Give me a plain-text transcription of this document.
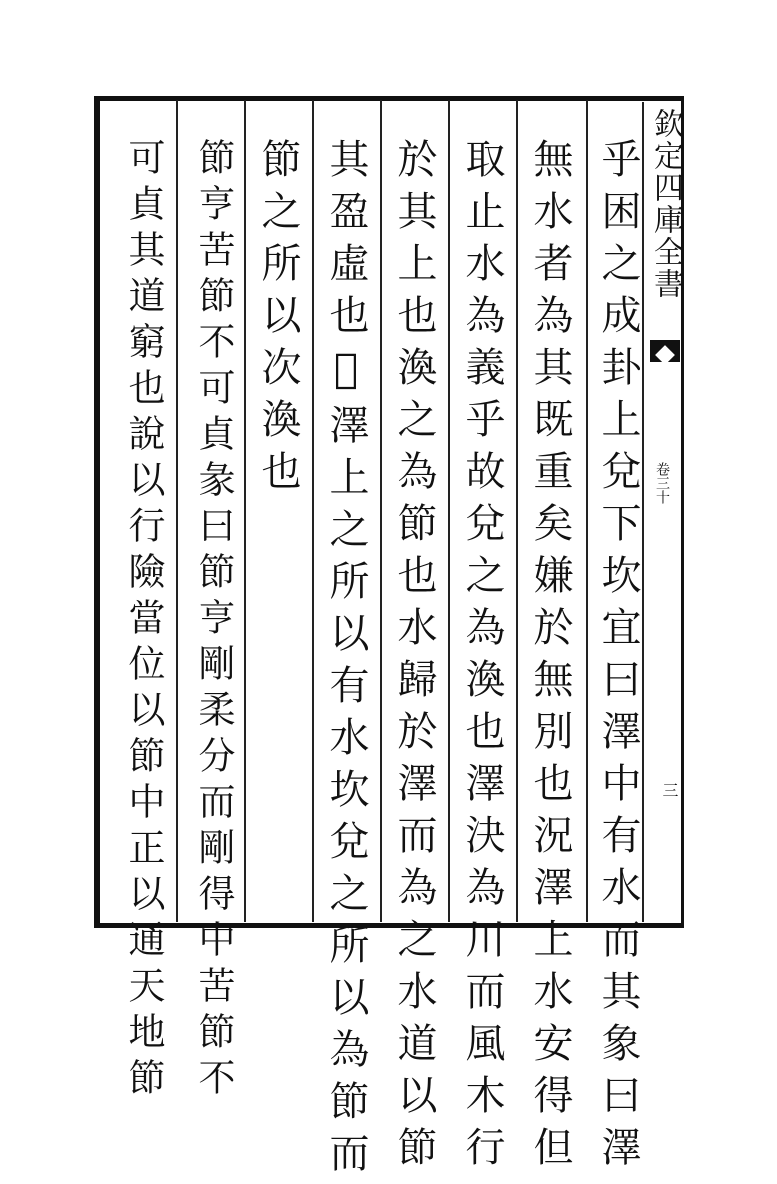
欽定四庫全書
卷三十
三
乎困之成卦上兌下坎宜曰澤中有水而其象曰澤
無水者為其既重矣嫌於無別也況澤上水安得但
取止水為義乎故兌之為渙也澤決為川而風木行
於其上也渙之為節也水歸於澤而為之水道以節
其盈虛也𣲖澤上之所以有水坎兌之所以為節而
節之所以次渙也
節亨苦節不可貞彖曰節亨剛柔分而剛得中苦節不
可貞其道窮也說以行險當位以節中正以通天地節
